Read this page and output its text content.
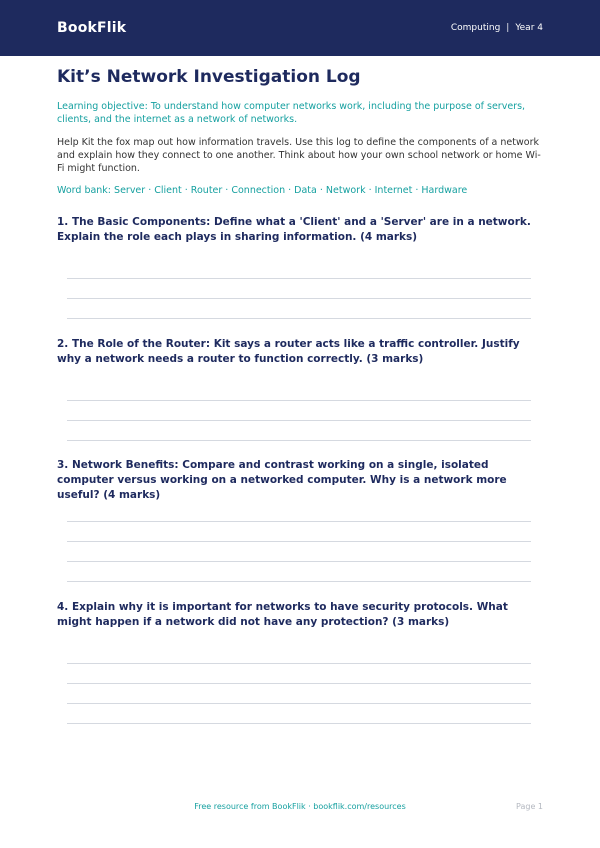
BookFlik	Computing | Year 4
Kit’s Network Investigation Log

Learning objective: To understand how computer networks work, including the purpose of servers, clients, and the internet as a network of networks.

Help Kit the fox map out how information travels. Use this log to define the components of a network and explain how they connect to one another. Think about how your own school network or home Wi-Fi might function.

Word bank: Server · Client · Router · Connection · Data · Network · Internet · Hardware

1. The Basic Components: Define what a 'Client' and a 'Server' are in a network. Explain the role each plays in sharing information. (4 marks)

2. The Role of the Router: Kit says a router acts like a traffic controller. Justify why a network needs a router to function correctly. (3 marks)

3. Network Benefits: Compare and contrast working on a single, isolated computer versus working on a networked computer. Why is a network more useful? (4 marks)

4. Explain why it is important for networks to have security protocols. What might happen if a network did not have any protection? (3 marks)

Free resource from BookFlik · bookflik.com/resources	Page 1
